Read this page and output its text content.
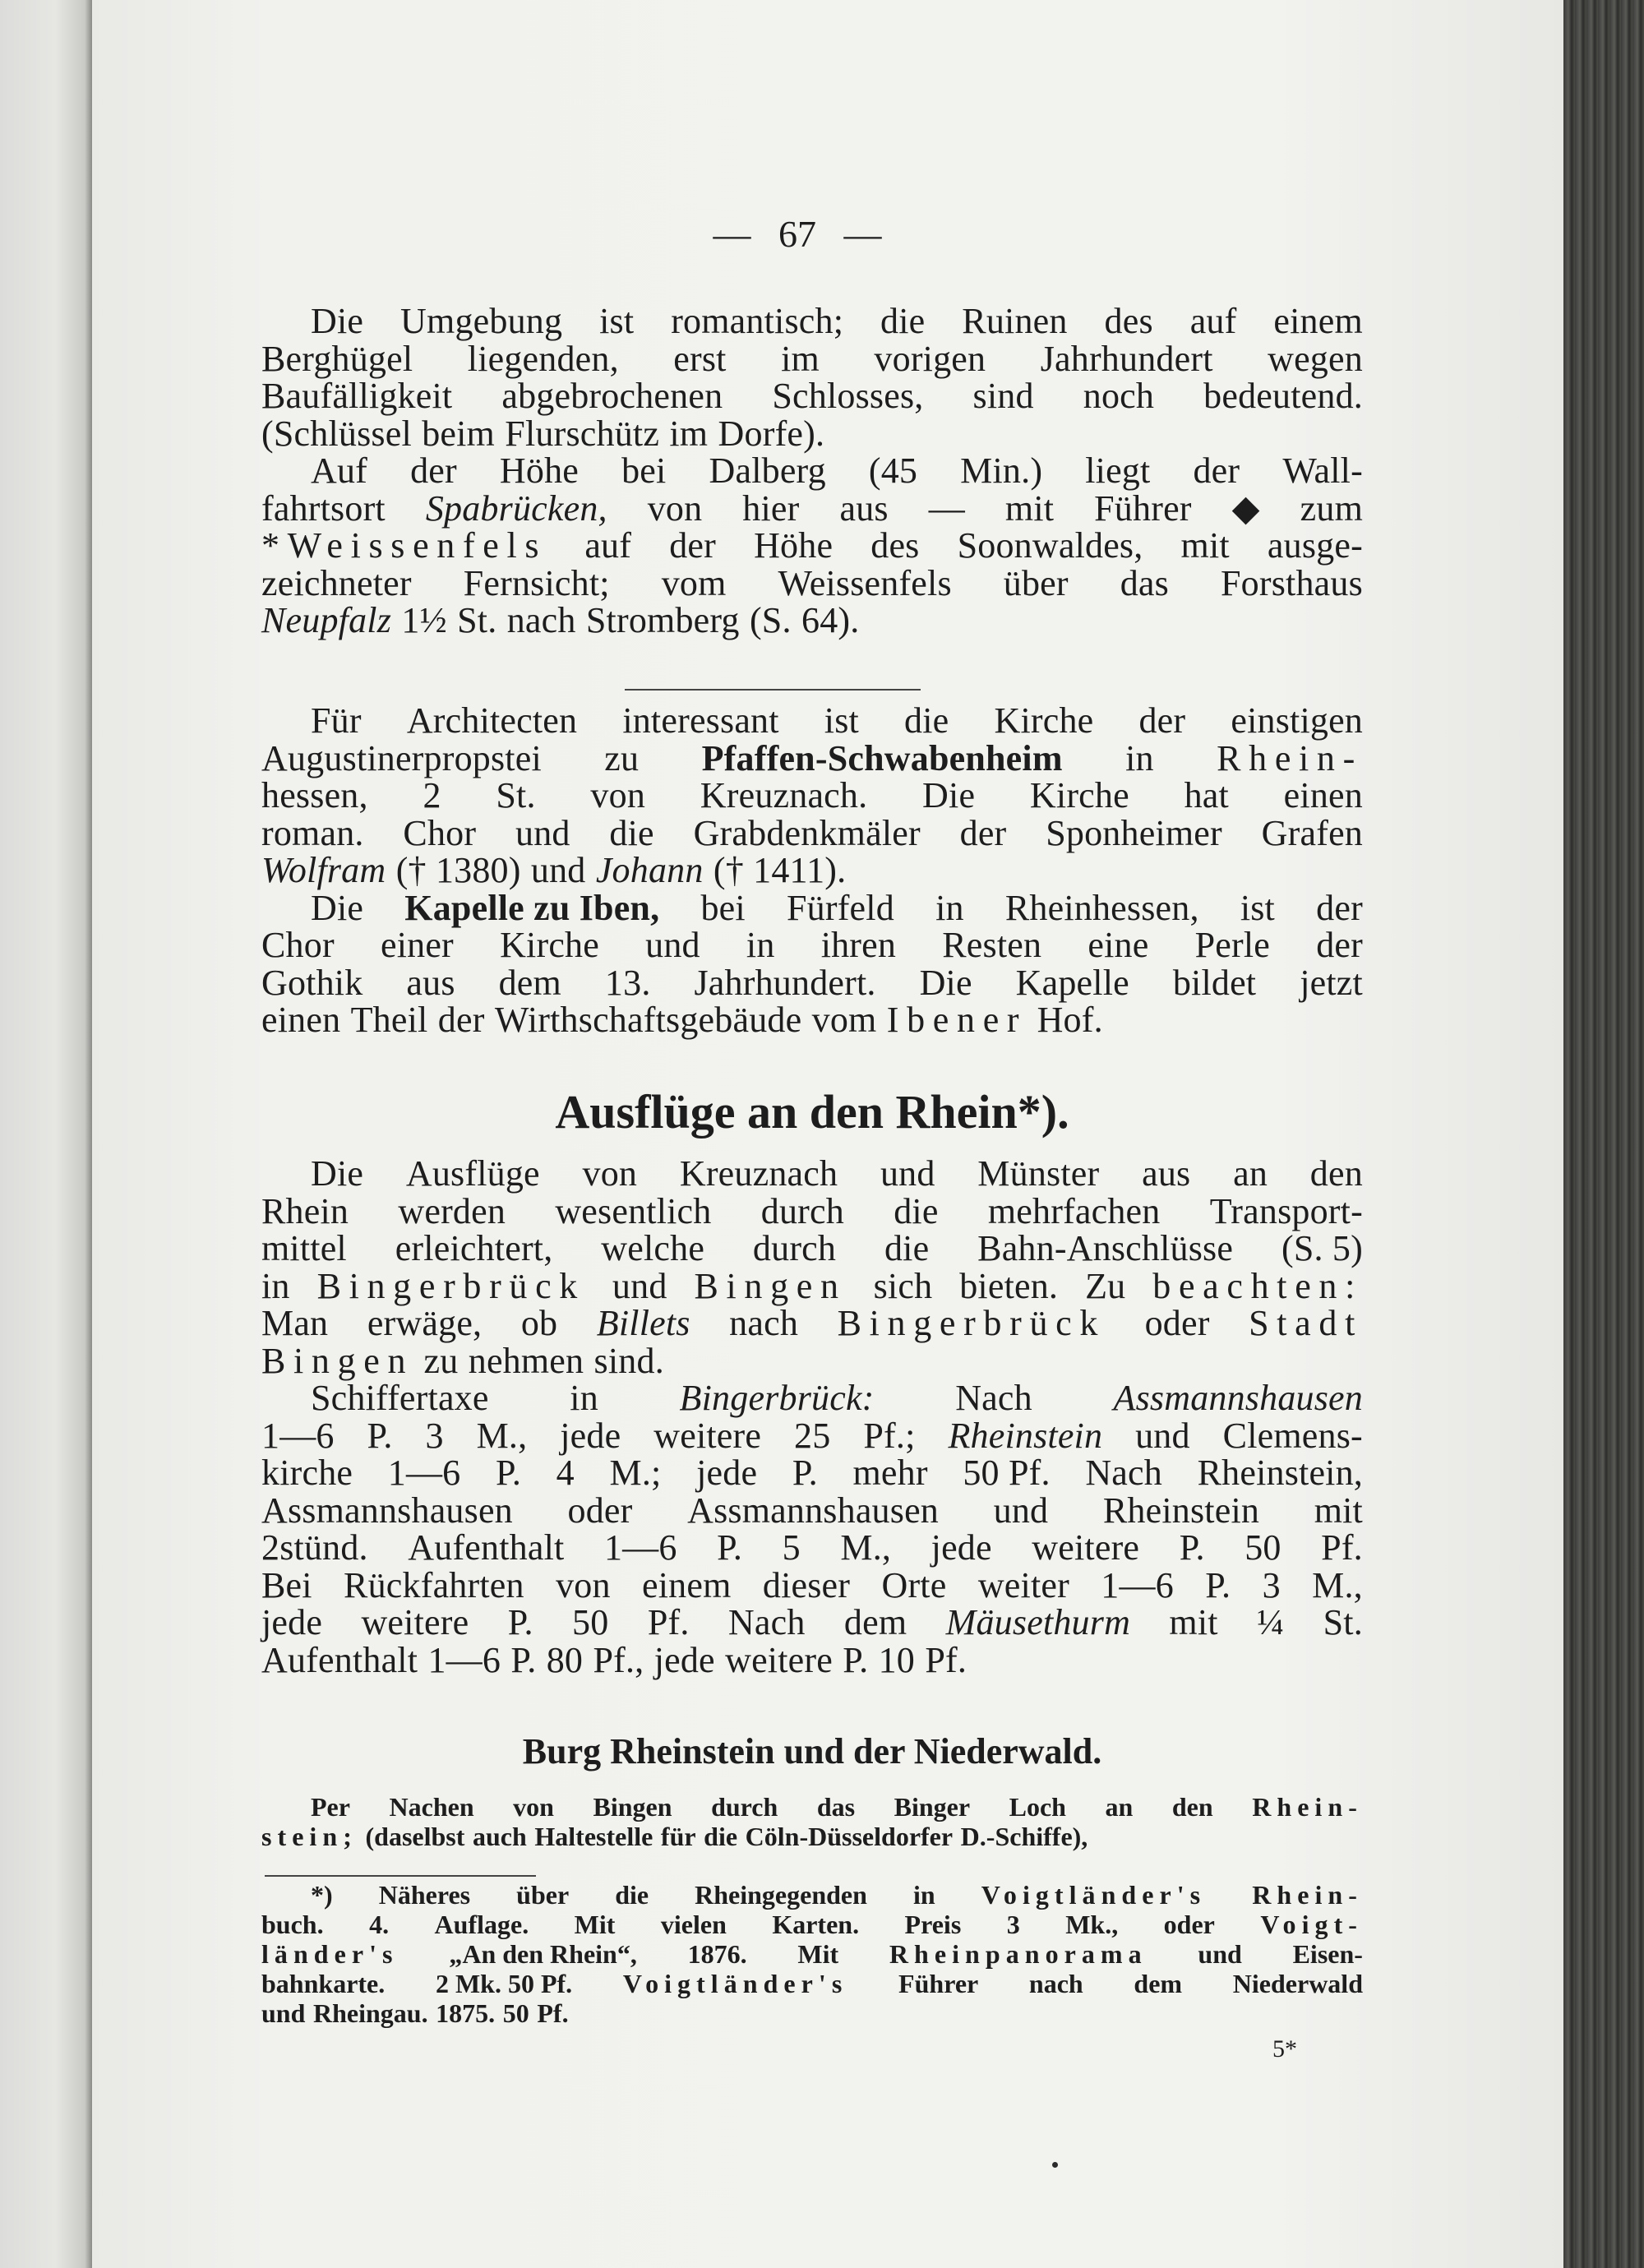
— 67 —
Die Umgebung ist romantisch; die Ruinen des auf einem
Berghügel liegenden, erst im vorigen Jahrhundert wegen
Baufälligkeit abgebrochenen Schlosses, sind noch bedeutend.
(Schlüssel beim Flurschütz im Dorfe).
Auf der Höhe bei Dalberg (45 Min.) liegt der Wall-
fahrtsort Spabrücken, von hier aus — mit Führer ◆ zum
*Weissenfels auf der Höhe des Soonwaldes, mit ausge-
zeichneter Fernsicht; vom Weissenfels über das Forsthaus
Neupfalz 1½ St. nach Stromberg (S. 64).
Für Architecten interessant ist die Kirche der einstigen
Augustinerpropstei zu Pfaffen-Schwabenheim in Rhein-
hessen, 2 St. von Kreuznach. Die Kirche hat einen
roman. Chor und die Grabdenkmäler der Sponheimer Grafen
Wolfram († 1380) und Johann († 1411).
Die Kapelle zu Iben, bei Fürfeld in Rheinhessen, ist der
Chor einer Kirche und in ihren Resten eine Perle der
Gothik aus dem 13. Jahrhundert. Die Kapelle bildet jetzt
einen Theil der Wirthschaftsgebäude vom Ibener Hof.
Ausflüge an den Rhein*).
Die Ausflüge von Kreuznach und Münster aus an den
Rhein werden wesentlich durch die mehrfachen Transport-
mittel erleichtert, welche durch die Bahn-Anschlüsse (S. 5)
in Bingerbrück und Bingen sich bieten. Zu beachten:
Man erwäge, ob Billets nach Bingerbrück oder Stadt
Bingen zu nehmen sind.
Schiffertaxe in Bingerbrück: Nach Assmannshausen
1—6 P. 3 M., jede weitere 25 Pf.; Rheinstein und Clemens-
kirche 1—6 P. 4 M.; jede P. mehr 50 Pf. Nach Rheinstein,
Assmannshausen oder Assmannshausen und Rheinstein mit
2stünd. Aufenthalt 1—6 P. 5 M., jede weitere P. 50 Pf.
Bei Rückfahrten von einem dieser Orte weiter 1—6 P. 3 M.,
jede weitere P. 50 Pf. Nach dem Mäusethurm mit ¼ St.
Aufenthalt 1—6 P. 80 Pf., jede weitere P. 10 Pf.
Burg Rheinstein und der Niederwald.
Per Nachen von Bingen durch das Binger Loch an den Rhein-
stein; (daselbst auch Haltestelle für die Cöln-Düsseldorfer D.-Schiffe),
*) Näheres über die Rheingegenden in Voigtländer's Rhein-
buch. 4. Auflage. Mit vielen Karten. Preis 3 Mk., oder Voigt-
länder's „An den Rhein“, 1876. Mit Rheinpanorama und Eisen-
bahnkarte. 2 Mk. 50 Pf. Voigtländer's Führer nach dem Niederwald
und Rheingau. 1875. 50 Pf.
5*
